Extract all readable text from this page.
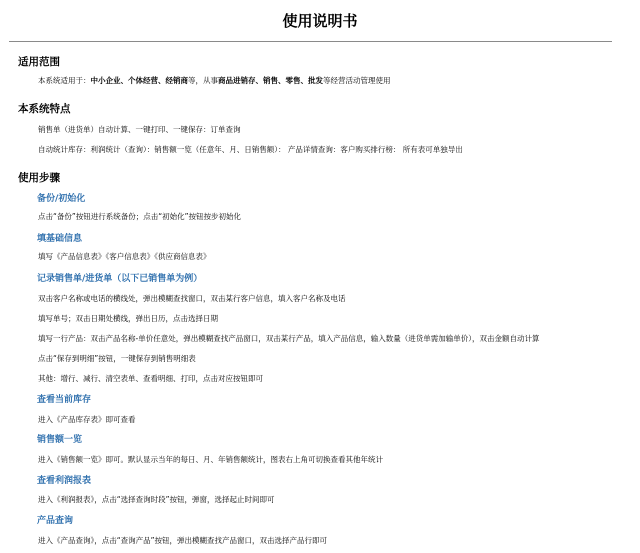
使用说明书
适用范围
本系统适用于：中小企业、个体经营、经销商等，从事商品进销存、销售、零售、批发等经营活动管理使用
本系统特点
销售单（进货单）自动计算、一键打印、一键保存：订单查询
自动统计库存：利润统计（查询）：销售额一览（任意年、月、日销售额）： 产品详情查询：客户购买排行榜： 所有表可单独导出
使用步骤
备份/初始化
点击“备份”按钮进行系统备份；点击“初始化”按钮按步初始化
填基础信息
填写《产品信息表》《客户信息表》《供应商信息表》
记录销售单/进货单（以下已销售单为例）
双击客户名称或电话的横线处，弹出模糊查找窗口，双击某行客户信息，填入客户名称及电话
填写单号；双击日期处横线，弹出日历，点击选择日期
填写一行产品：双击产品名称-单价任意处，弹出模糊查找产品窗口，双击某行产品，填入产品信息，输入数量（进货单需加输单价），双击金额自动计算
点击“保存到明细”按钮，一键保存到销售明细表
其他：增行、减行、清空表单、查看明细、打印，点击对应按钮即可
查看当前库存
进入《产品库存表》即可查看
销售额一览
进入《销售额一览》即可。默认显示当年的每日、月、年销售额统计，图表右上角可切换查看其他年统计
查看利润报表
进入《利润报表》，点击“选择查询时段”按钮，弹窗，选择起止时间即可
产品查询
进入《产品查询》，点击“查询产品”按钮，弹出模糊查找产品窗口，双击选择产品行即可
